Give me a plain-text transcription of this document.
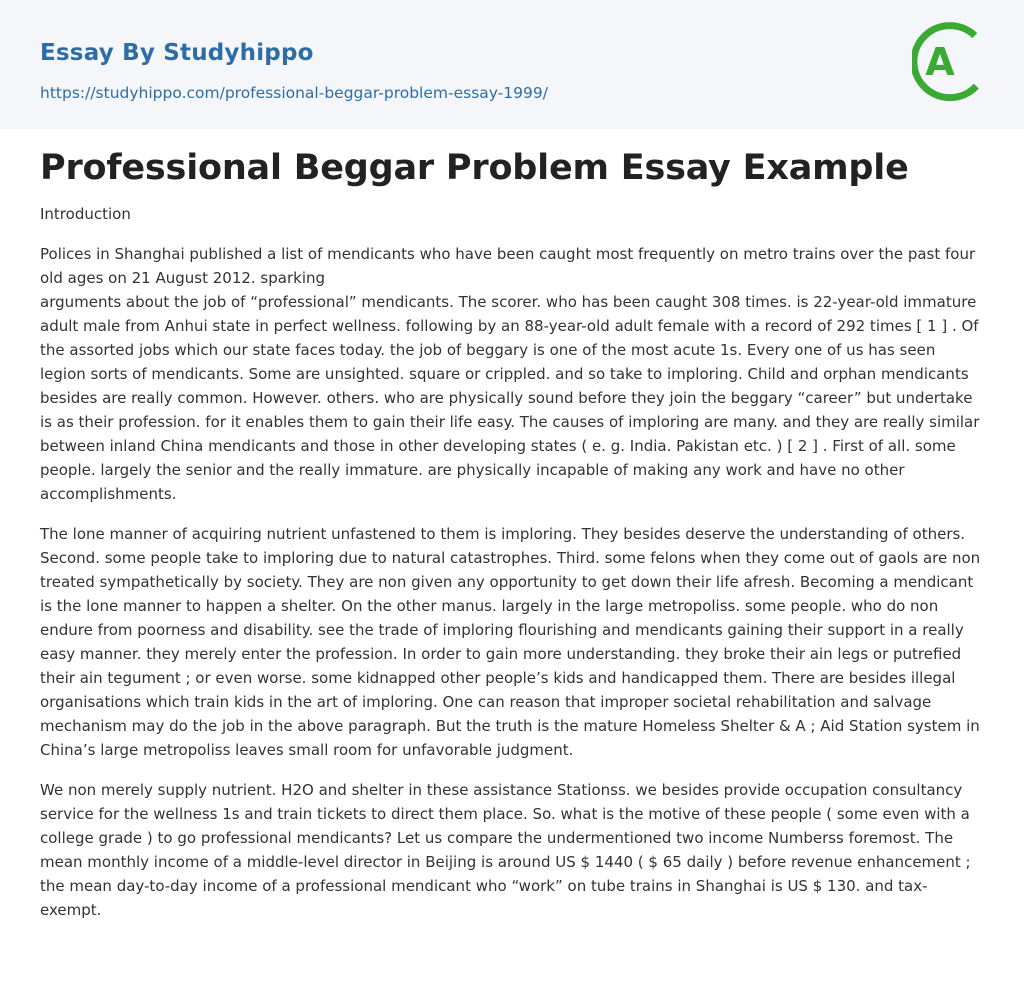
Essay By Studyhippo
https://studyhippo.com/professional-beggar-problem-essay-1999/
A
Professional Beggar Problem Essay Example

Introduction

Polices in Shanghai published a list of mendicants who have been caught most frequently on metro trains over the past four old ages on 21 August 2012. sparking
arguments about the job of “professional” mendicants. The scorer. who has been caught 308 times. is 22-year-old immature adult male from Anhui state in perfect wellness. following by an 88-year-old adult female with a record of 292 times [ 1 ] . Of the assorted jobs which our state faces today. the job of beggary is one of the most acute 1s. Every one of us has seen legion sorts of mendicants. Some are unsighted. square or crippled. and so take to imploring. Child and orphan mendicants besides are really common. However. others. who are physically sound before they join the beggary “career” but undertake is as their profession. for it enables them to gain their life easy. The causes of imploring are many. and they are really similar between inland China mendicants and those in other developing states ( e. g. India. Pakistan etc. ) [ 2 ] . First of all. some people. largely the senior and the really immature. are physically incapable of making any work and have no other accomplishments.

The lone manner of acquiring nutrient unfastened to them is imploring. They besides deserve the understanding of others. Second. some people take to imploring due to natural catastrophes. Third. some felons when they come out of gaols are non treated sympathetically by society. They are non given any opportunity to get down their life afresh. Becoming a mendicant is the lone manner to happen a shelter. On the other manus. largely in the large metropoliss. some people. who do non endure from poorness and disability. see the trade of imploring flourishing and mendicants gaining their support in a really easy manner. they merely enter the profession. In order to gain more understanding. they broke their ain legs or putrefied their ain tegument ; or even worse. some kidnapped other people’s kids and handicapped them. There are besides illegal organisations which train kids in the art of imploring. One can reason that improper societal rehabilitation and salvage mechanism may do the job in the above paragraph. But the truth is the mature Homeless Shelter & A ; Aid Station system in China’s large metropoliss leaves small room for unfavorable judgment.

We non merely supply nutrient. H2O and shelter in these assistance Stationss. we besides provide occupation consultancy service for the wellness 1s and train tickets to direct them place. So. what is the motive of these people ( some even with a college grade ) to go professional mendicants? Let us compare the undermentioned two income Numberss foremost. The mean monthly income of a middle-level director in Beijing is around US $ 1440 ( $ 65 daily ) before revenue enhancement ; the mean day-to-day income of a professional mendicant who “work” on tube trains in Shanghai is US $ 130. and tax-exempt.
